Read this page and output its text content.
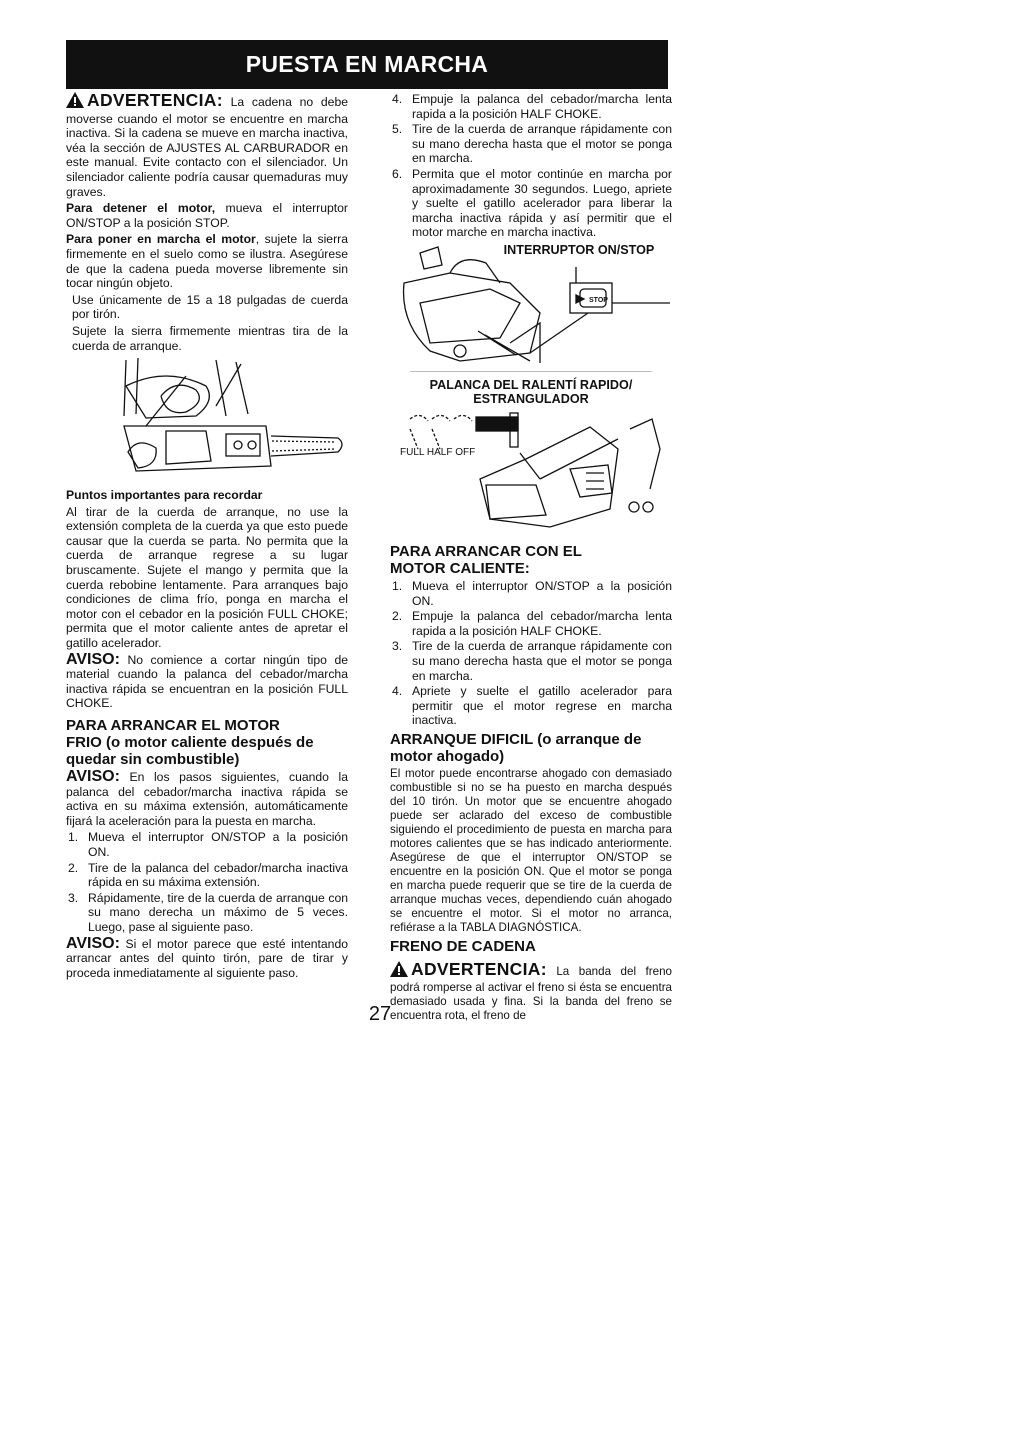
PUESTA EN MARCHA

ADVERTENCIA: La cadena no debe moverse cuando el motor se encuentre en marcha inactiva. Si la cadena se mueve en marcha inactiva, véa la sección de AJUSTES AL CARBURADOR en este manual. Evite contacto con el silenciador. Un silenciador caliente podría causar quemaduras muy graves.

Para detener el motor, mueva el interruptor ON/STOP a la posición STOP.

Para poner en marcha el motor, sujete la sierra firmemente en el suelo como se ilustra. Asegúrese de que la cadena pueda moverse libremente sin tocar ningún objeto.

Use únicamente de 15 a 18 pulgadas de cuerda por tirón.

Sujete la sierra firmemente mientras tira de la cuerda de arranque.

Puntos importantes para recordar

Al tirar de la cuerda de arranque, no use la extensión completa de la cuerda ya que esto puede causar que la cuerda se parta. No permita que la cuerda de arranque regrese a su lugar bruscamente. Sujete el mango y permita que la cuerda rebobine lentamente. Para arranques bajo condiciones de clima frío, ponga en marcha el motor con el cebador en la posición FULL CHOKE; permita que el motor caliente antes de apretar el gatillo acelerador.

AVISO: No comience a cortar ningún tipo de material cuando la palanca del cebador/marcha inactiva rápida se encuentran en la posición FULL CHOKE.

PARA ARRANCAR EL MOTOR
FRIO (o motor caliente después de quedar sin combustible)

AVISO: En los pasos siguientes, cuando la palanca del cebador/marcha inactiva rápida se activa en su máxima extensión, automáticamente fijará la aceleración para la puesta en marcha.

1. Mueva el interruptor ON/STOP a la posición ON.
2. Tire de la palanca del cebador/marcha inactiva rápida en su máxima extensión.
3. Rápidamente, tire de la cuerda de arranque con su mano derecha un máximo de 5 veces. Luego, pase al siguiente paso.

AVISO: Si el motor parece que esté intentando arrancar antes del quinto tirón, pare de tirar y proceda inmediatamente al siguiente paso.

4. Empuje la palanca del cebador/marcha lenta rapida a la posición HALF CHOKE.
5. Tire de la cuerda de arranque rápidamente con su mano derecha hasta que el motor se ponga en marcha.
6. Permita que el motor continúe en marcha por aproximadamente 30 segundos. Luego, apriete y suelte el gatillo acelerador para liberar la marcha inactiva rápida y así permitir que el motor marche en marcha inactiva.
INTERRUPTOR ON/STOP
STOP
PALANCA DEL RALENTÍ RAPIDO/ ESTRANGULADOR
FULL HALF OFF
PARA ARRANCAR CON EL MOTOR CALIENTE:
1. Mueva el interruptor ON/STOP a la posición ON.
2. Empuje la palanca del cebador/marcha lenta rapida a la posición HALF CHOKE.
3. Tire de la cuerda de arranque rápidamente con su mano derecha hasta que el motor se ponga en marcha.
4. Apriete y suelte el gatillo acelerador para permitir que el motor regrese en marcha inactiva.
ARRANQUE DIFICIL (o arranque de motor ahogado)

El motor puede encontrarse ahogado con demasiado combustible si no se ha puesto en marcha después del 10 tirón. Un motor que se encuentre ahogado puede ser aclarado del exceso de combustible siguiendo el procedimiento de puesta en marcha para motores calientes que se has indicado anteriormente. Asegúrese de que el interruptor ON/STOP se encuentre en la posición ON. Que el motor se ponga en marcha puede requerir que se tire de la cuerda de arranque muchas veces, dependiendo cuán ahogado se encuentre el motor. Si el motor no arranca, refiérase a la TABLA DIAGNÓSTICA.

FRENO DE CADENA

ADVERTENCIA: La banda del freno podrá romperse al activar el freno si ésta se encuentra demasiado usada y fina. Si la banda del freno se encuentra rota, el freno de

27
